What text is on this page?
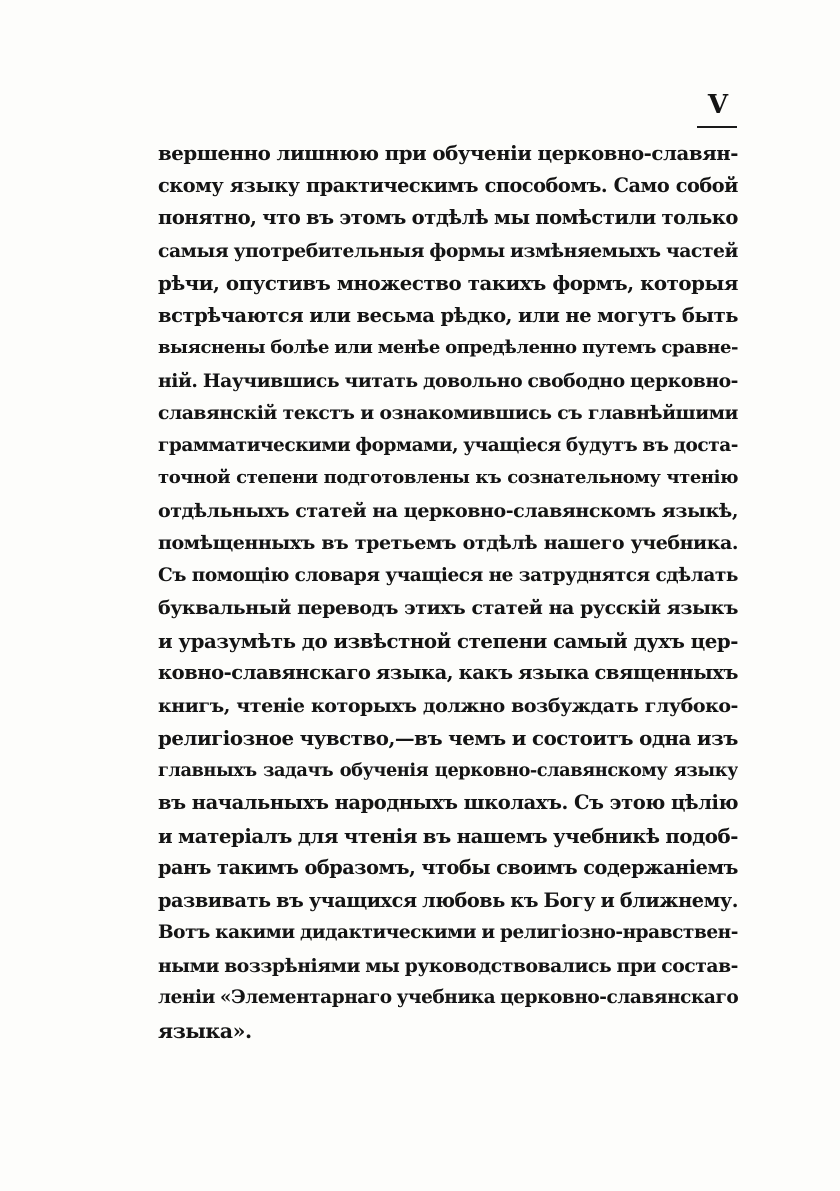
V
вершенно лишнюю при обученіи церковно-славян-
скому языку практическимъ способомъ. Само собой
понятно, что въ этомъ отдѣлѣ мы помѣстили только
самыя употребительныя формы измѣняемыхъ частей
рѣчи, опустивъ множество такихъ формъ, которыя
встрѣчаются или весьма рѣдко, или не могутъ быть
выяснены болѣе или менѣе опредѣленно путемъ сравне-
ній. Научившись читать довольно свободно церковно-
славянскій текстъ и ознакомившись съ главнѣйшими
грамматическими формами, учащіеся будутъ въ доста-
точной степени подготовлены къ сознательному чтенію
отдѣльныхъ статей на церковно-славянскомъ языкѣ,
помѣщенныхъ въ третьемъ отдѣлѣ нашего учебника.
Съ помощію словаря учащіеся не затруднятся сдѣлать
буквальный переводъ этихъ статей на русскій языкъ
и уразумѣть до извѣстной степени самый духъ цер-
ковно-славянскаго языка, какъ языка священныхъ
книгъ, чтеніе которыхъ должно возбуждать глубоко-
религіозное чувство,—въ чемъ и состоитъ одна изъ
главныхъ задачъ обученія церковно-славянскому языку
въ начальныхъ народныхъ школахъ. Съ этою цѣлію
и матеріалъ для чтенія въ нашемъ учебникѣ подоб-
ранъ такимъ образомъ, чтобы своимъ содержаніемъ
развивать въ учащихся любовь къ Богу и ближнему.
Вотъ какими дидактическими и религіозно-нравствен-
ными воззрѣніями мы руководствовались при состав-
леніи «Элементарнаго учебника церковно-славянскаго
языка».
